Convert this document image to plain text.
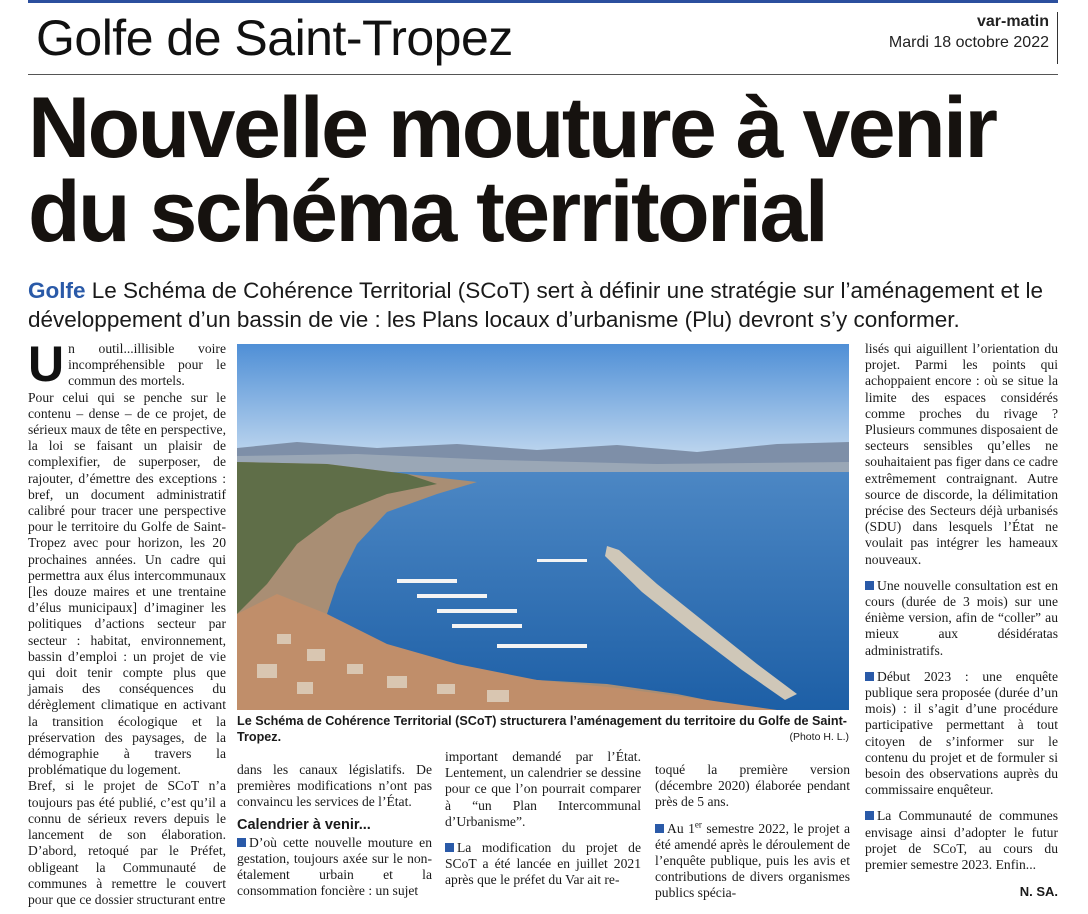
Golfe de Saint-Tropez	var-matin
Mardi 18 octobre 2022
Nouvelle mouture à venir
du schéma territorial
Golfe Le Schéma de Cohérence Territorial (SCoT) sert à définir une stratégie sur l’aménagement et le développement d’un bassin de vie : les Plans locaux d’urbanisme (Plu) devront s’y conformer.

Un outil...illisible voire incompréhensible pour le commun des mortels.

Pour celui qui se penche sur le contenu – dense – de ce projet, de sérieux maux de tête en perspective, la loi se faisant un plaisir de complexifier, de superposer, de rajouter, d’émettre des exceptions : bref, un document administratif calibré pour tracer une perspective pour le territoire du Golfe de Saint-Tropez avec pour horizon, les 20 prochaines années. Un cadre qui permettra aux élus intercommunaux [les douze maires et une trentaine d’élus municipaux] d’imaginer les politiques d’actions secteur par secteur : habitat, environnement, bassin d’emploi : un projet de vie qui doit tenir compte plus que jamais des conséquences du dérèglement climatique en activant la transition écologique et la préservation des paysages, de la démographie à travers la problématique du logement.

Bref, si le projet de SCoT n’a toujours pas été publié, c’est qu’il a connu de sérieux revers depuis le lancement de son élaboration. D’abord, retoqué par le Préfet, obligeant la Communauté de communes à remettre le couvert pour que ce dossier structurant entre

Le Schéma de Cohérence Territorial (SCoT) structurera l’aménagement du territoire du Golfe de Saint-Tropez.	(Photo H. L.)

dans les canaux législatifs. De premières modifications n’ont pas convaincu les services de l’État.

Calendrier à venir...

D’où cette nouvelle mouture en gestation, toujours axée sur le non-étalement urbain et la consommation foncière : un sujet

important demandé par l’État. Lentement, un calendrier se dessine pour ce que l’on pourrait comparer à “un Plan Intercommunal d’Urbanisme”.

La modification du projet de SCoT a été lancée en juillet 2021 après que le préfet du Var ait re-

toqué la première version (décembre 2020) élaborée pendant près de 5 ans.

Au 1er semestre 2022, le projet a été amendé après le déroulement de l’enquête publique, puis les avis et contributions de divers organismes publics spécia-

lisés qui aiguillent l’orientation du projet. Parmi les points qui achoppaient encore : où se situe la limite des espaces considérés comme proches du rivage ? Plusieurs communes disposaient de secteurs sensibles qu’elles ne souhaitaient pas figer dans ce cadre extrêmement contraignant. Autre source de discorde, la délimitation précise des Secteurs déjà urbanisés (SDU) dans lesquels l’État ne voulait pas intégrer les hameaux nouveaux.

Une nouvelle consultation est en cours (durée de 3 mois) sur une énième version, afin de “coller” au mieux aux désidératas administratifs.

Début 2023 : une enquête publique sera proposée (durée d’un mois) : il s’agit d’une procédure participative permettant à tout citoyen de s’informer sur le contenu du projet et de formuler si besoin des observations auprès du commissaire enquêteur.

La Communauté de communes envisage ainsi d’adopter le futur projet de SCoT, au cours du premier semestre 2023. Enfin...

N. SA.
